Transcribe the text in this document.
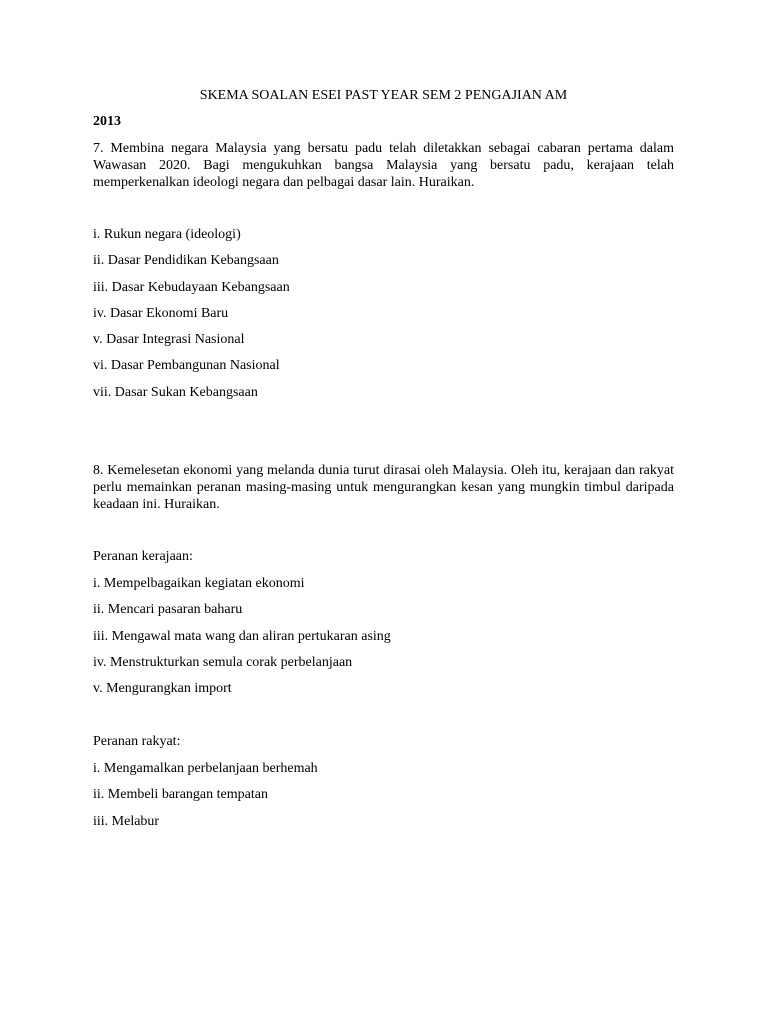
SKEMA SOALAN ESEI PAST YEAR SEM 2 PENGAJIAN AM

2013

7. Membina negara Malaysia yang bersatu padu telah diletakkan sebagai cabaran pertama dalam Wawasan 2020. Bagi mengukuhkan bangsa Malaysia yang bersatu padu, kerajaan telah memperkenalkan ideologi negara dan pelbagai dasar lain. Huraikan.

i. Rukun negara (ideologi)
ii. Dasar Pendidikan Kebangsaan
iii. Dasar Kebudayaan Kebangsaan
iv. Dasar Ekonomi Baru
v. Dasar Integrasi Nasional
vi. Dasar Pembangunan Nasional
vii. Dasar Sukan Kebangsaan

8. Kemelesetan ekonomi yang melanda dunia turut dirasai oleh Malaysia. Oleh itu, kerajaan dan rakyat perlu memainkan peranan masing-masing untuk mengurangkan kesan yang mungkin timbul daripada keadaan ini. Huraikan.

Peranan kerajaan:

i. Mempelbagaikan kegiatan ekonomi
ii. Mencari pasaran baharu
iii. Mengawal mata wang dan aliran pertukaran asing
iv. Menstrukturkan semula corak perbelanjaan
v. Mengurangkan import

Peranan rakyat:

i. Mengamalkan perbelanjaan berhemah
ii. Membeli barangan tempatan
iii. Melabur
